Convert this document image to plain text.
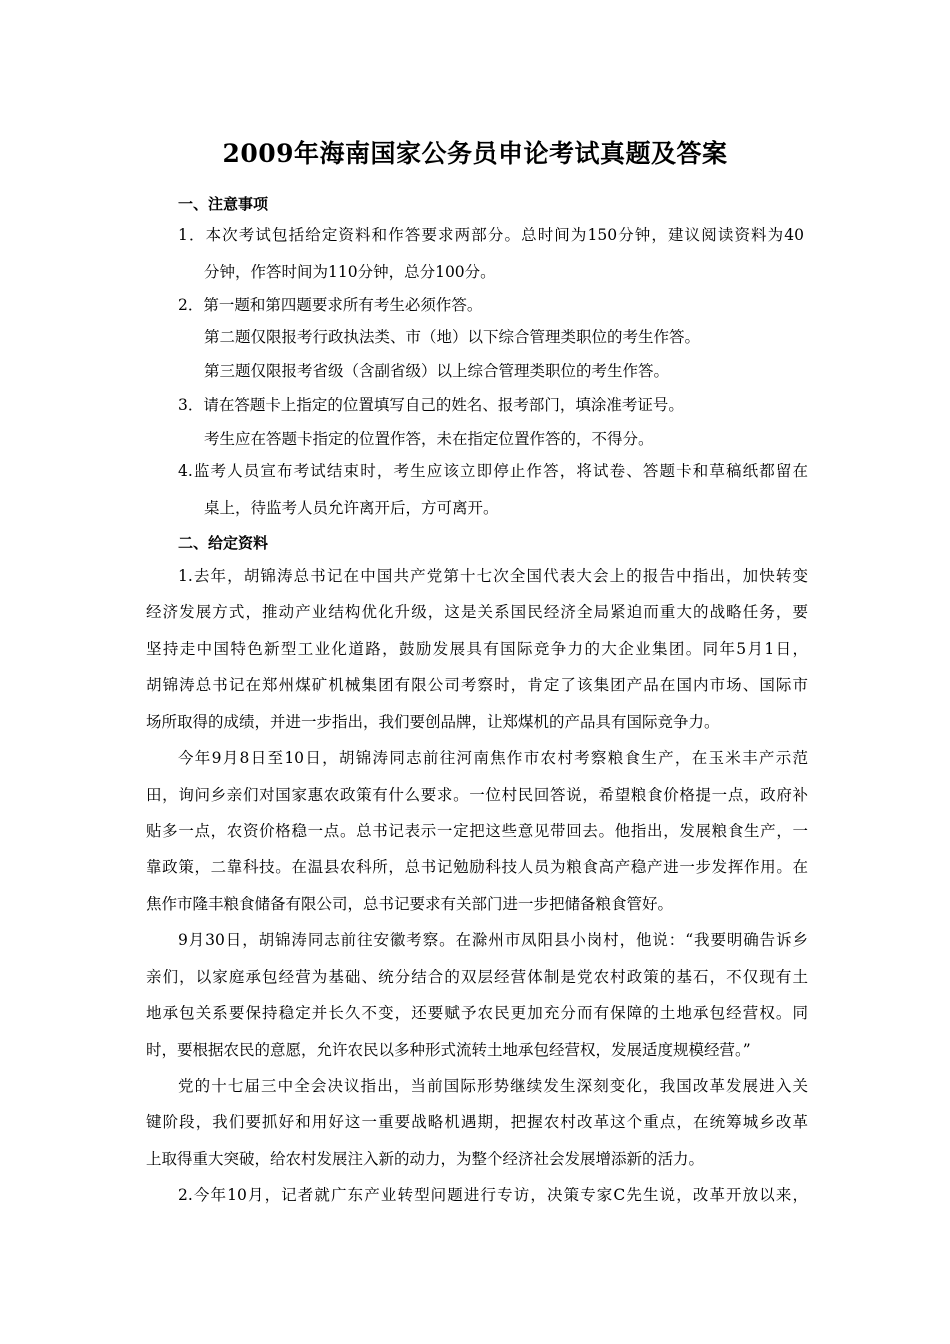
2009年海南国家公务员申论考试真题及答案
一、注意事项
1．本次考试包括给定资料和作答要求两部分。总时间为150分钟，建议阅读资料为40
分钟，作答时间为110分钟，总分100分。
2．第一题和第四题要求所有考生必须作答。
第二题仅限报考行政执法类、市（地）以下综合管理类职位的考生作答。
第三题仅限报考省级（含副省级）以上综合管理类职位的考生作答。
3．请在答题卡上指定的位置填写自己的姓名、报考部门，填涂准考证号。
考生应在答题卡指定的位置作答，未在指定位置作答的，不得分。
4.监考人员宣布考试结束时，考生应该立即停止作答，将试卷、答题卡和草稿纸都留在
桌上，待监考人员允许离开后，方可离开。
二、给定资料
1.去年，胡锦涛总书记在中国共产党第十七次全国代表大会上的报告中指出，加快转变
经济发展方式，推动产业结构优化升级，这是关系国民经济全局紧迫而重大的战略任务，要
坚持走中国特色新型工业化道路，鼓励发展具有国际竞争力的大企业集团。同年5月1日，
胡锦涛总书记在郑州煤矿机械集团有限公司考察时，肯定了该集团产品在国内市场、国际市
场所取得的成绩，并进一步指出，我们要创品牌，让郑煤机的产品具有国际竞争力。
今年9月8日至10日，胡锦涛同志前往河南焦作市农村考察粮食生产，在玉米丰产示范
田，询问乡亲们对国家惠农政策有什么要求。一位村民回答说，希望粮食价格提一点，政府补
贴多一点，农资价格稳一点。总书记表示一定把这些意见带回去。他指出，发展粮食生产，一
靠政策，二靠科技。在温县农科所，总书记勉励科技人员为粮食高产稳产进一步发挥作用。在
焦作市隆丰粮食储备有限公司，总书记要求有关部门进一步把储备粮食管好。
9月30日，胡锦涛同志前往安徽考察。在滁州市凤阳县小岗村，他说：“我要明确告诉乡
亲们，以家庭承包经营为基础、统分结合的双层经营体制是党农村政策的基石，不仅现有土
地承包关系要保持稳定并长久不变，还要赋予农民更加充分而有保障的土地承包经营权。同
时，要根据农民的意愿，允许农民以多种形式流转土地承包经营权，发展适度规模经营。”
党的十七届三中全会决议指出，当前国际形势继续发生深刻变化，我国改革发展进入关
键阶段，我们要抓好和用好这一重要战略机遇期，把握农村改革这个重点，在统筹城乡改革
上取得重大突破，给农村发展注入新的动力，为整个经济社会发展增添新的活力。
2.今年10月，记者就广东产业转型问题进行专访，决策专家C先生说，改革开放以来，
